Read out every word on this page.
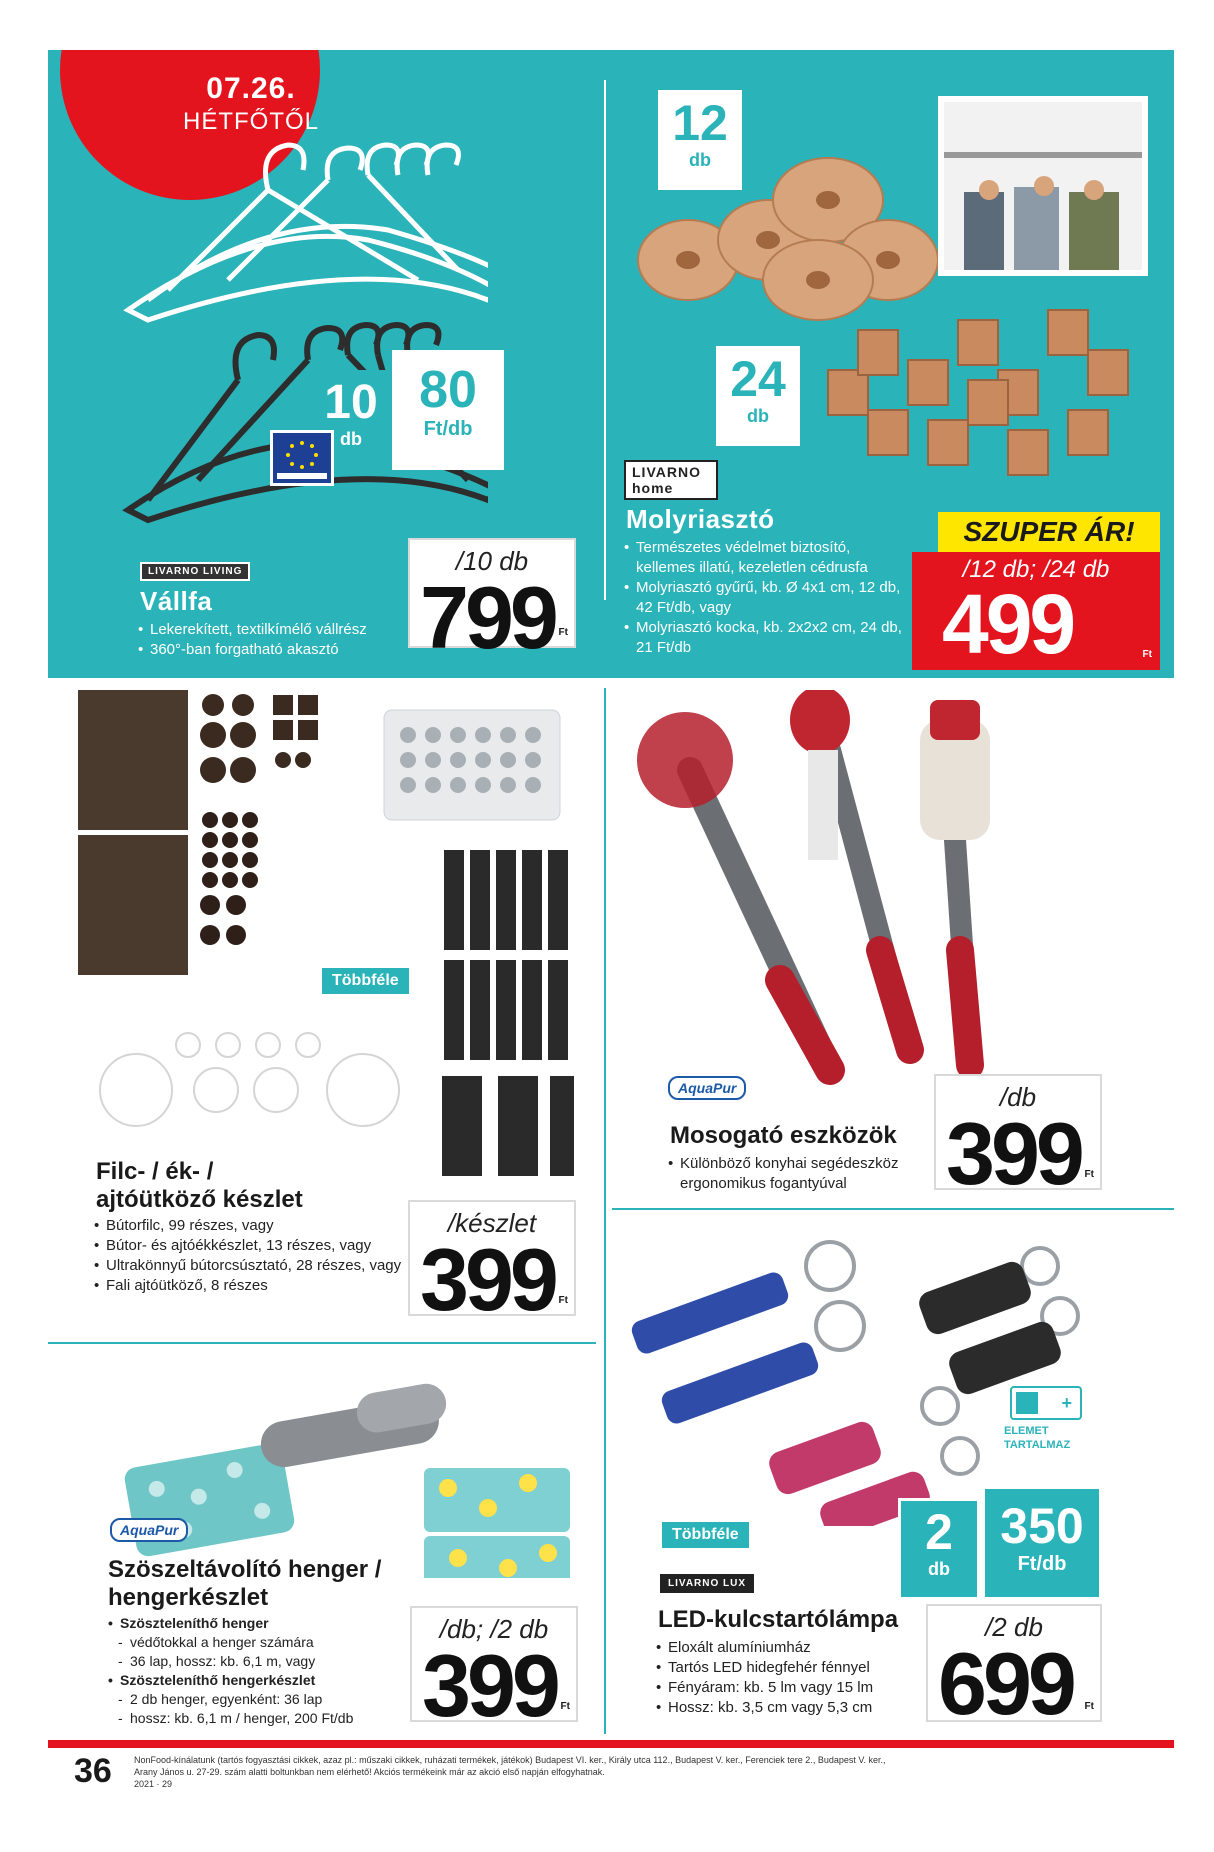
07.26.
HÉTFŐTŐL
10
db
80
Ft/db
LIVARNO LIVING
Vállfa
• Lekerekített, textilkímélő vállrész
• 360°-ban forgatható akasztó
/10 db
799 Ft
12
db
24
db
LIVARNO home
Molyriasztó
• Természetes védelmet biztosító, kellemes illatú, kezeletlen cédrusfa
• Molyriasztó gyűrű, kb. Ø 4x1 cm, 12 db, 42 Ft/db, vagy
• Molyriasztó kocka, kb. 2x2x2 cm, 24 db, 21 Ft/db
SZUPER ÁR!
/12 db; /24 db
499	Ft
Többféle
Filc- / ék- /
ajtóütköző készlet
• Bútorfilc, 99 részes, vagy
• Bútor- és ajtóékkészlet, 13 részes, vagy
• Ultrakönnyű bútorcsúsztató, 28 részes, vagy
• Fali ajtóütköző, 8 részes
/készlet
399 Ft
AquaPur
Mosogató eszközök
• Különböző konyhai segédeszköz ergonomikus fogantyúval
/db
399 Ft
AquaPur
Szöszeltávolító henger /
hengerkészlet
• Szöszteleníthő henger
- védőtokkal a henger számára
- 36 lap, hossz: kb. 6,1 m, vagy
• Szöszteleníthő hengerkészlet
- 2 db henger, egyenként: 36 lap
- hossz: kb. 6,1 m / henger, 200 Ft/db
/db; /2 db
399 Ft
+
ELEMET
TARTALMAZ
Többféle
LIVARNO LUX
LED-kulcstartólámpa
• Eloxált alumíniumház
• Tartós LED hidegfehér fénnyel
• Fényáram: kb. 5 lm vagy 15 lm
• Hossz: kb. 3,5 cm vagy 5,3 cm
2
db
350
Ft/db
/2 db
699 Ft
36 NonFood-kínálatunk (tartós fogyasztási cikkek, azaz pl.: műszaki cikkek, ruházati termékek, játékok) Budapest VI. ker., Király utca 112., Budapest V. ker., Ferenciek tere 2., Budapest V. ker.,
Arany János u. 27-29. szám alatti boltunkban nem elérhető! Akciós termékeink már az akció első napján elfogyhatnak.
2021 · 29
